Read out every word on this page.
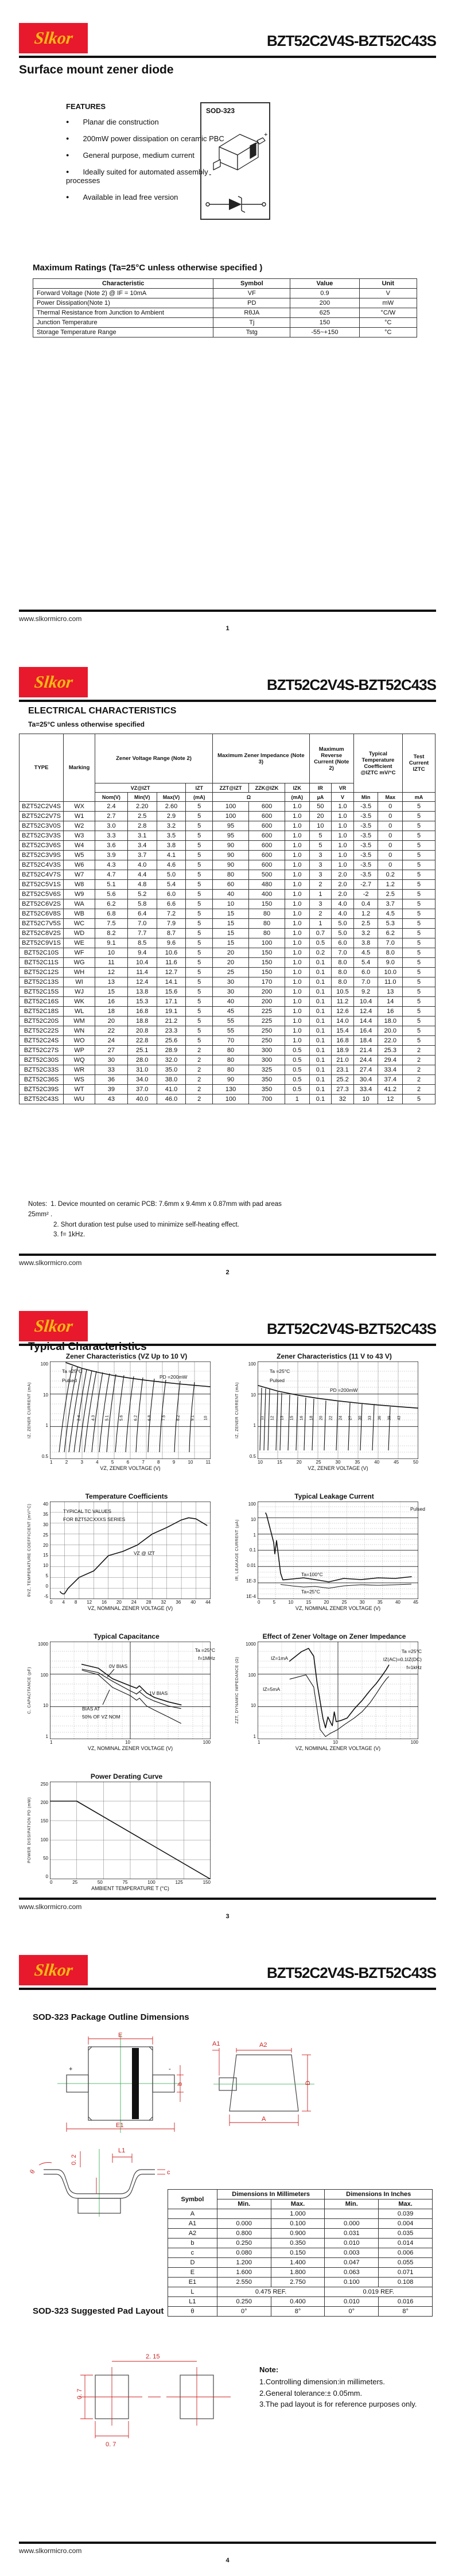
Slkor	BZT52C2V4S-BZT52C43S
Surface mount zener diode
FEATURES
● Planar die construction
● 200mW power dissipation on ceramic PBC
● General purpose, medium current
● Ideally suited for automated assembly processes
● Available in lead free version
SOD-323
+
-
Maximum Ratings (Ta=25°C unless otherwise specified )
Characteristic	Symbol	Value	Unit
Forward Voltage (Note 2) @ IF = 10mA	VF	0.9	V
Power Dissipation(Note 1)	PD	200	mW
Thermal Resistance from Junction to Ambient	RθJA	625	°C/W
Junction Temperature	Tj	150	°C
Storage Temperature Range	Tstg	-55~+150	°C
www.slkormicro.com
1
Slkor	BZT52C2V4S-BZT52C43S
ELECTRICAL CHARACTERISTICS
Ta=25°C unless otherwise specified
TYPE	Marking	Zener Voltage Range (Note 2)				Maximum Zener Impedance (Note 3)			Maximum Reverse Current (Note 2)		Typical Temperature Coefficient @IZTC mV/°C		Test Current IZTC
		VZ@IZT			IZT	ZZT@IZT	ZZK@IZK	IZK	IR	VR			
		Nom(V)	Min(V)	Max(V)	(mA)	Ω		(mA)	µA	V	Min	Max	mA
BZT52C2V4S	WX	2.4	2.20	2.60	5	100	600	1.0	50	1.0	-3.5	0	5
BZT52C2V7S	W1	2.7	2.5	2.9	5	100	600	1.0	20	1.0	-3.5	0	5
BZT52C3V0S	W2	3.0	2.8	3.2	5	95	600	1.0	10	1.0	-3.5	0	5
BZT52C3V3S	W3	3.3	3.1	3.5	5	95	600	1.0	5	1.0	-3.5	0	5
BZT52C3V6S	W4	3.6	3.4	3.8	5	90	600	1.0	5	1.0	-3.5	0	5
BZT52C3V9S	W5	3.9	3.7	4.1	5	90	600	1.0	3	1.0	-3.5	0	5
BZT52C4V3S	W6	4.3	4.0	4.6	5	90	600	1.0	3	1.0	-3.5	0	5
BZT52C4V7S	W7	4.7	4.4	5.0	5	80	500	1.0	3	2.0	-3.5	0.2	5
BZT52C5V1S	W8	5.1	4.8	5.4	5	60	480	1.0	2	2.0	-2.7	1.2	5
BZT52C5V6S	W9	5.6	5.2	6.0	5	40	400	1.0	1	2.0	-2	2.5	5
BZT52C6V2S	WA	6.2	5.8	6.6	5	10	150	1.0	3	4.0	0.4	3.7	5
BZT52C6V8S	WB	6.8	6.4	7.2	5	15	80	1.0	2	4.0	1.2	4.5	5
BZT52C7V5S	WC	7.5	7.0	7.9	5	15	80	1.0	1	5.0	2.5	5.3	5
BZT52C8V2S	WD	8.2	7.7	8.7	5	15	80	1.0	0.7	5.0	3.2	6.2	5
BZT52C9V1S	WE	9.1	8.5	9.6	5	15	100	1.0	0.5	6.0	3.8	7.0	5
BZT52C10S	WF	10	9.4	10.6	5	20	150	1.0	0.2	7.0	4.5	8.0	5
BZT52C11S	WG	11	10.4	11.6	5	20	150	1.0	0.1	8.0	5.4	9.0	5
BZT52C12S	WH	12	11.4	12.7	5	25	150	1.0	0.1	8.0	6.0	10.0	5
BZT52C13S	WI	13	12.4	14.1	5	30	170	1.0	0.1	8.0	7.0	11.0	5
BZT52C15S	WJ	15	13.8	15.6	5	30	200	1.0	0.1	10.5	9.2	13	5
BZT52C16S	WK	16	15.3	17.1	5	40	200	1.0	0.1	11.2	10.4	14	5
BZT52C18S	WL	18	16.8	19.1	5	45	225	1.0	0.1	12.6	12.4	16	5
BZT52C20S	WM	20	18.8	21.2	5	55	225	1.0	0.1	14.0	14.4	18.0	5
BZT52C22S	WN	22	20.8	23.3	5	55	250	1.0	0.1	15.4	16.4	20.0	5
BZT52C24S	WO	24	22.8	25.6	5	70	250	1.0	0.1	16.8	18.4	22.0	5
BZT52C27S	WP	27	25.1	28.9	2	80	300	0.5	0.1	18.9	21.4	25.3	2
BZT52C30S	WQ	30	28.0	32.0	2	80	300	0.5	0.1	21.0	24.4	29.4	2
BZT52C33S	WR	33	31.0	35.0	2	80	325	0.5	0.1	23.1	27.4	33.4	2
BZT52C36S	WS	36	34.0	38.0	2	90	350	0.5	0.1	25.2	30.4	37.4	2
BZT52C39S	WT	39	37.0	41.0	2	130	350	0.5	0.1	27.3	33.4	41.2	2
BZT52C43S	WU	43	40.0	46.0	2	100	700	1	0.1	32	10	12	5
Notes: 1. Device mounted on ceramic PCB: 7.6mm x 9.4mm x 0.87mm with pad areas 25mm² .
2. Short duration test pulse used to minimize self-heating effect.
3. f= 1kHz.
www.slkormicro.com
2
Slkor	BZT52C2V4S-BZT52C43S
Typical Characteristics
Zener Characteristics (VZ Up to 10 V)
IZ, ZENER CURRENT (mA)
100
10
1
0.5
1	2	3	4	5	6	7	8	9	10	11
VZ, ZENER VOLTAGE (V)
Ta =25°C
Pulsed
PD =200mW
2.4	4.3	5.1	5.6	6.2	6.8	7.5	8.2	9.1 10
Zener Characteristics (11 V to 43 V)
IZ, ZENER CURRENT (mA)
100
10
1
0.5
10	15	20	25	30	35	40	45	50
VZ, ZENER VOLTAGE (V)
Ta =25°C
Pulsed
PD =200mW
11 12 13 15 16 18 20 22 24 27 30 33 36 39 43
Temperature Coefficients
θVZ, TEMPERATURE COEFFICIENT (mV/°C)	40
35
30
25
20
15
10
5
0
-5
0 4 8 12 16 20 24 28 32 36 40 44
VZ, NOMINAL ZENER VOLTAGE (V)
TYPICAL TC VALUES
FOR BZT52CXXXS SERIES
VZ @ IZT
Typical Leakage Current
IR, LEAKAGE CURRENT (µA)
100
10
1
0.1
0.01
1E-3
1E-4
0	5	10	15	20	25	30	35	40	45
VZ, NOMINAL ZENER VOLTAGE (V)
Pulsed
Ta=100°C
Ta=25°C
Typical Capacitance
C, CAPACITANCE (pF)
1000
100
10
1
1	10	100
VZ, NOMINAL ZENER VOLTAGE (V)
Ta =25°C
f=1MHz
0V BIAS
1V BIAS
BIAS AT
50% OF VZ NOM
Effect of Zener Voltage on Zener Impedance
ZZT, DYNAMIC IMPEDANCE (Ω)
1000
100
10
1
1	10	100
VZ, NOMINAL ZENER VOLTAGE (V)
Ta =25°C
IZ(AC)=0.1IZ(DC)
f=1kHz
IZ=1mA
IZ=5mA
Power Derating Curve
POWER DISSIPATION PD (mW)
250
200
150
100
50
0
0	25	50	75	100	125	150
AMBIENT TEMPERATURE T (°C)
www.slkormicro.com
3
Slkor	BZT52C2V4S-BZT52C43S
SOD-323 Package Outline Dimensions
E
E1
b
+	-
A1	A2
D
A
θ
0. 2
L1
c
Symbol	Dimensions In Millimeters		Dimensions In Inches	
	Min.	Max.	Min.	Max.
A		1.000		0.039
A1	0.000	0.100	0.000	0.004
A2	0.800	0.900	0.031	0.035
b	0.250	0.350	0.010	0.014
c	0.080	0.150	0.003	0.006
D	1.200	1.400	0.047	0.055
E	1.600	1.800	0.063	0.071
E1	2.550	2.750	0.100	0.108
L	0.475 REF.		0.019 REF.	
L1	0.250	0.400	0.010	0.016
θ	0°	8°	0°	8°
SOD-323 Suggested Pad Layout
2. 15
0. 7
0. 7
Note:
1.Controlling dimension:in millimeters.
2.General tolerance:± 0.05mm.
3.The pad layout is for reference purposes only.
www.slkormicro.com
4
